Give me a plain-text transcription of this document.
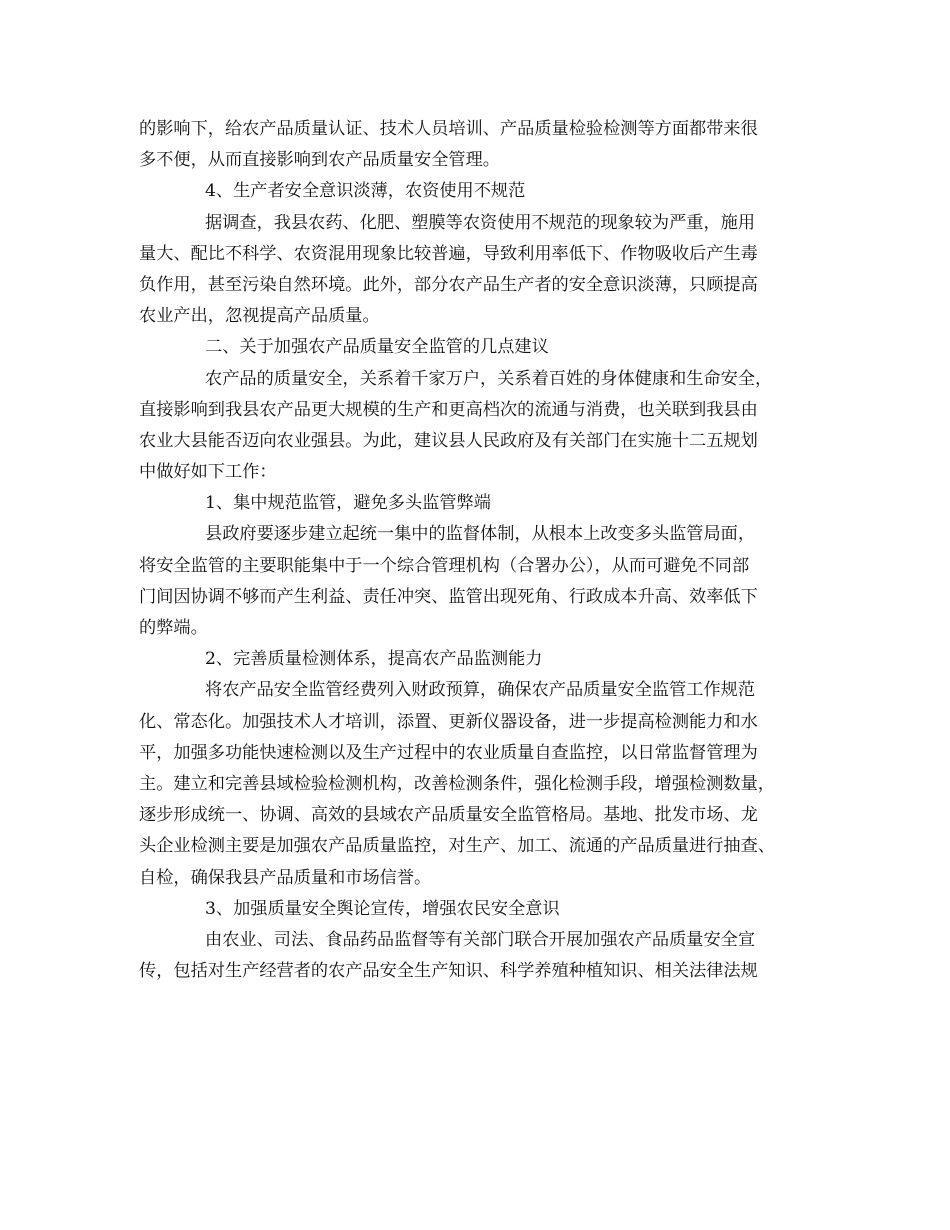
的影响下，给农产品质量认证、技术人员培训、产品质量检验检测等方面都带来很
多不便，从而直接影响到农产品质量安全管理。
4、生产者安全意识淡薄，农资使用不规范
据调查，我县农药、化肥、塑膜等农资使用不规范的现象较为严重，施用
量大、配比不科学、农资混用现象比较普遍，导致利用率低下、作物吸收后产生毒
负作用，甚至污染自然环境。此外，部分农产品生产者的安全意识淡薄，只顾提高
农业产出，忽视提高产品质量。
二、关于加强农产品质量安全监管的几点建议
农产品的质量安全，关系着千家万户，关系着百姓的身体健康和生命安全，
直接影响到我县农产品更大规模的生产和更高档次的流通与消费，也关联到我县由
农业大县能否迈向农业强县。为此，建议县人民政府及有关部门在实施十二五规划
中做好如下工作：
1、集中规范监管，避免多头监管弊端
县政府要逐步建立起统一集中的监督体制，从根本上改变多头监管局面，
将安全监管的主要职能集中于一个综合管理机构（合署办公），从而可避免不同部
门间因协调不够而产生利益、责任冲突、监管出现死角、行政成本升高、效率低下
的弊端。
2、完善质量检测体系，提高农产品监测能力
将农产品安全监管经费列入财政预算，确保农产品质量安全监管工作规范
化、常态化。加强技术人才培训，添置、更新仪器设备，进一步提高检测能力和水
平，加强多功能快速检测以及生产过程中的农业质量自查监控，以日常监督管理为
主。建立和完善县域检验检测机构，改善检测条件，强化检测手段，增强检测数量，
逐步形成统一、协调、高效的县域农产品质量安全监管格局。基地、批发市场、龙
头企业检测主要是加强农产品质量监控，对生产、加工、流通的产品质量进行抽查、
自检，确保我县产品质量和市场信誉。
3、加强质量安全舆论宣传，增强农民安全意识
由农业、司法、食品药品监督等有关部门联合开展加强农产品质量安全宣
传，包括对生产经营者的农产品安全生产知识、科学养殖种植知识、相关法律法规
